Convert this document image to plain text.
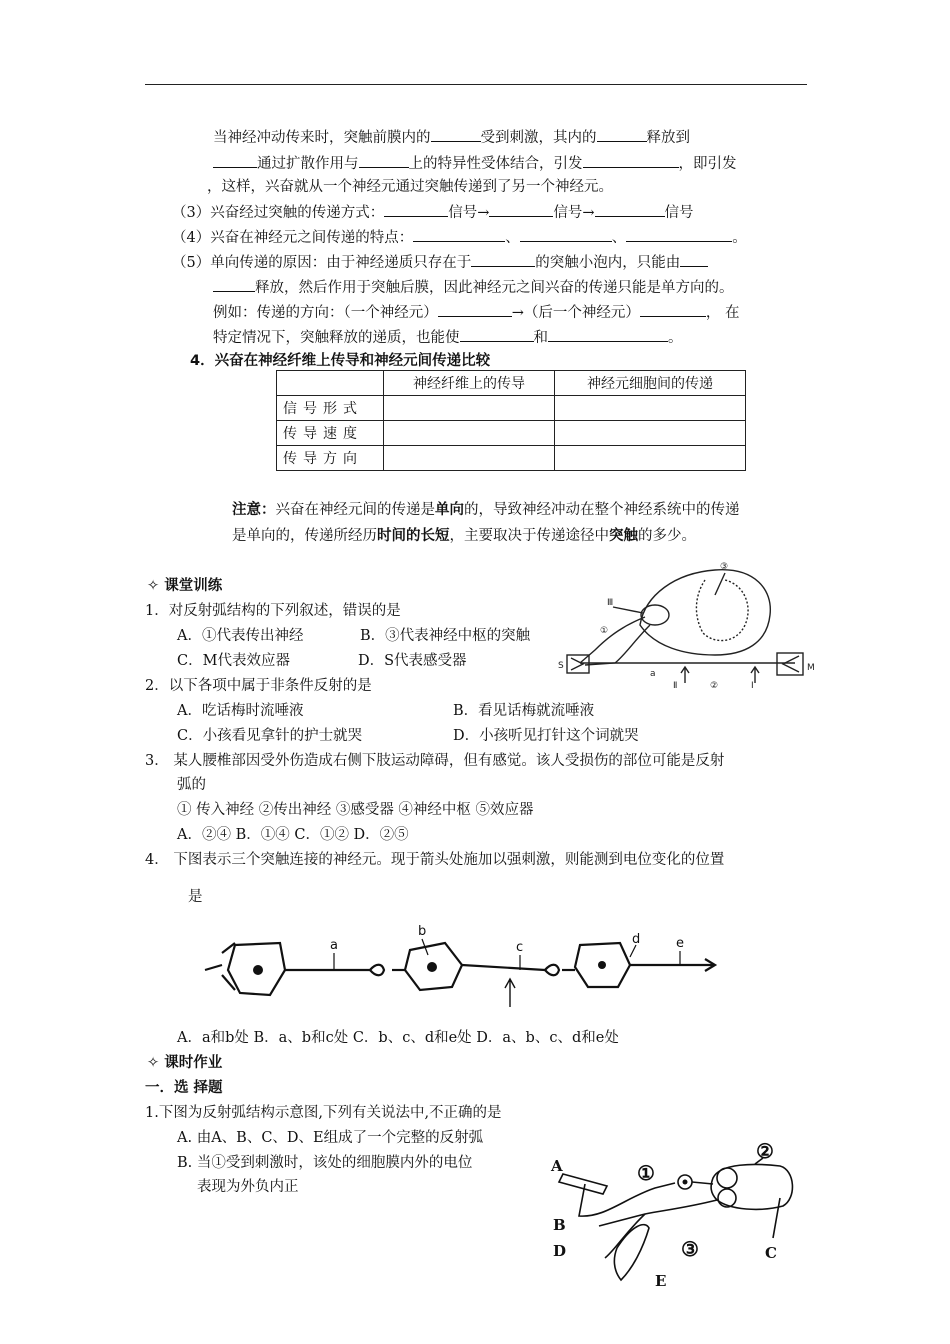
当神经冲动传来时，突触前膜内的	受到刺激，其内的	释放到
通过扩散作用与	上的特异性受体结合，引发	，即引发
，这样，兴奋就从一个神经元通过突触传递到了另一个神经元。
（3）兴奋经过突触的传递方式：	信号→	信号→	信号
（4）兴奋在神经元之间传递的特点：	、	、	。
（5）单向传递的原因：由于神经递质只存在于	的突触小泡内，只能由
释放，然后作用于突触后膜，因此神经元之间兴奋的传递只能是单方向的。
例如：传递的方向：（一个神经元）	→（后一个神经元）	， 在
特定情况下，突触释放的递质，也能使	和	。
4．兴奋在神经纤维上传导和神经元间传递比较
	神经纤维上的传导	神经元细胞间的传递
信号形式		
传导速度		
传导方向		
注意：兴奋在神经元间的传递是单向的，导致神经冲动在整个神经系统中的传递
是单向的，传递所经历时间的长短，主要取决于传递途径中突触的多少。
✧ 课堂训练
1．对反射弧结构的下列叙述，错误的是
A．①代表传出神经	B．③代表神经中枢的突触
C．M代表效应器	D．S代表感受器
2．以下各项中属于非条件反射的是
A．吃话梅时流唾液	B．看见话梅就流唾液
C．小孩看见拿针的护士就哭	D．小孩听见打针这个词就哭
3． 某人腰椎部因受外伤造成右侧下肢运动障碍，但有感觉。该人受损伤的部位可能是反射
弧的
① 传入神经 ②传出神经 ③感受器 ④神经中枢 ⑤效应器
A．②④ B．①④ C．①② D．②⑤
4． 下图表示三个突触连接的神经元。现于箭头处施加以强刺激，则能测到电位变化的位置
是
A．a和b处 B．a、b和c处 C．b、c、d和e处 D．a、b、c、d和e处
✧ 课时作业
一．选 择题
1.下图为反射弧结构示意图,下列有关说法中,不正确的是
A. 由A、B、C、D、E组成了一个完整的反射弧
B. 当①受到刺激时，该处的细胞膜内外的电位
表现为外负内正
③
Ⅲ
①
S
a
Ⅱ	②	Ⅰ
M
a
b
c
d	e
A	①
②
B
③
D	C
E
